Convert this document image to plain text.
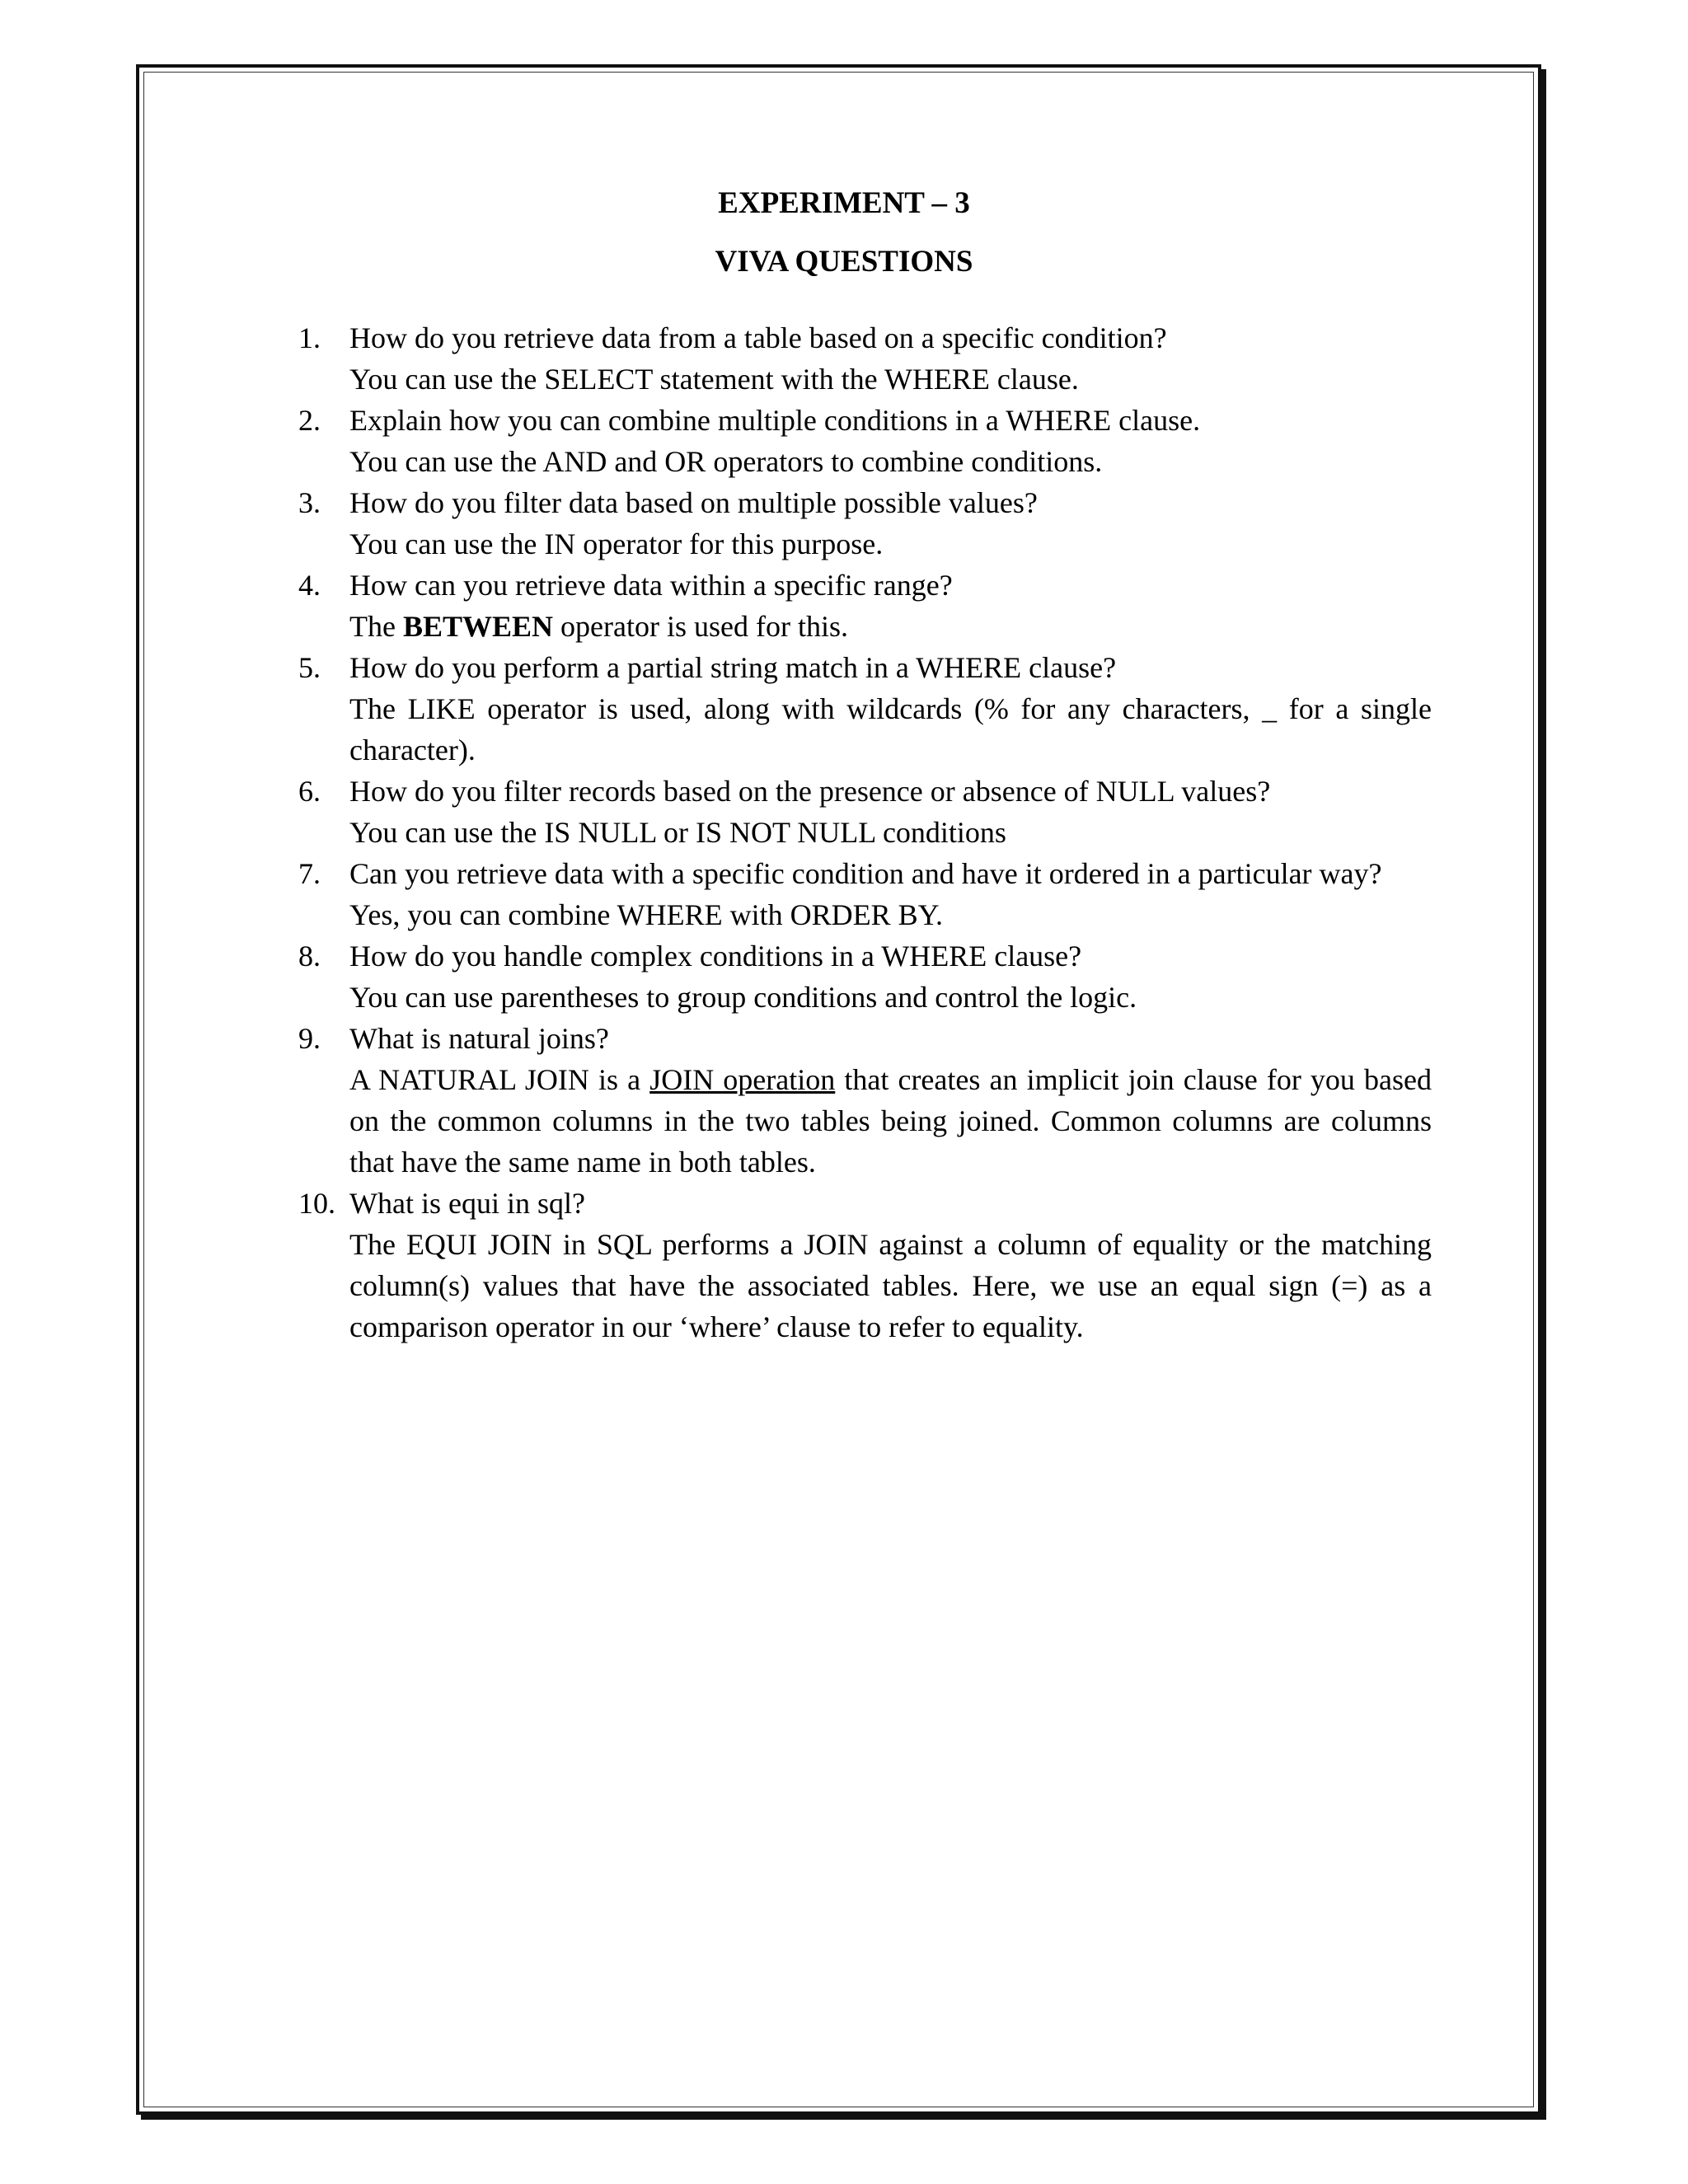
EXPERIMENT – 3
VIVA QUESTIONS
1. How do you retrieve data from a table based on a specific condition?
You can use the SELECT statement with the WHERE clause.
2. Explain how you can combine multiple conditions in a WHERE clause.
You can use the AND and OR operators to combine conditions.
3. How do you filter data based on multiple possible values?
You can use the IN operator for this purpose.
4. How can you retrieve data within a specific range?
The BETWEEN operator is used for this.
5. How do you perform a partial string match in a WHERE clause?
The LIKE operator is used, along with wildcards (% for any characters, _ for a single character).
6. How do you filter records based on the presence or absence of NULL values?
You can use the IS NULL or IS NOT NULL conditions
7. Can you retrieve data with a specific condition and have it ordered in a particular way?
Yes, you can combine WHERE with ORDER BY.
8. How do you handle complex conditions in a WHERE clause?
You can use parentheses to group conditions and control the logic.
9. What is natural joins?
A NATURAL JOIN is a JOIN operation that creates an implicit join clause for you based on the common columns in the two tables being joined. Common columns are columns that have the same name in both tables.
10. What is equi in sql?
The EQUI JOIN in SQL performs a JOIN against a column of equality or the matching column(s) values that have the associated tables. Here, we use an equal sign (=) as a comparison operator in our ‘where’ clause to refer to equality.
